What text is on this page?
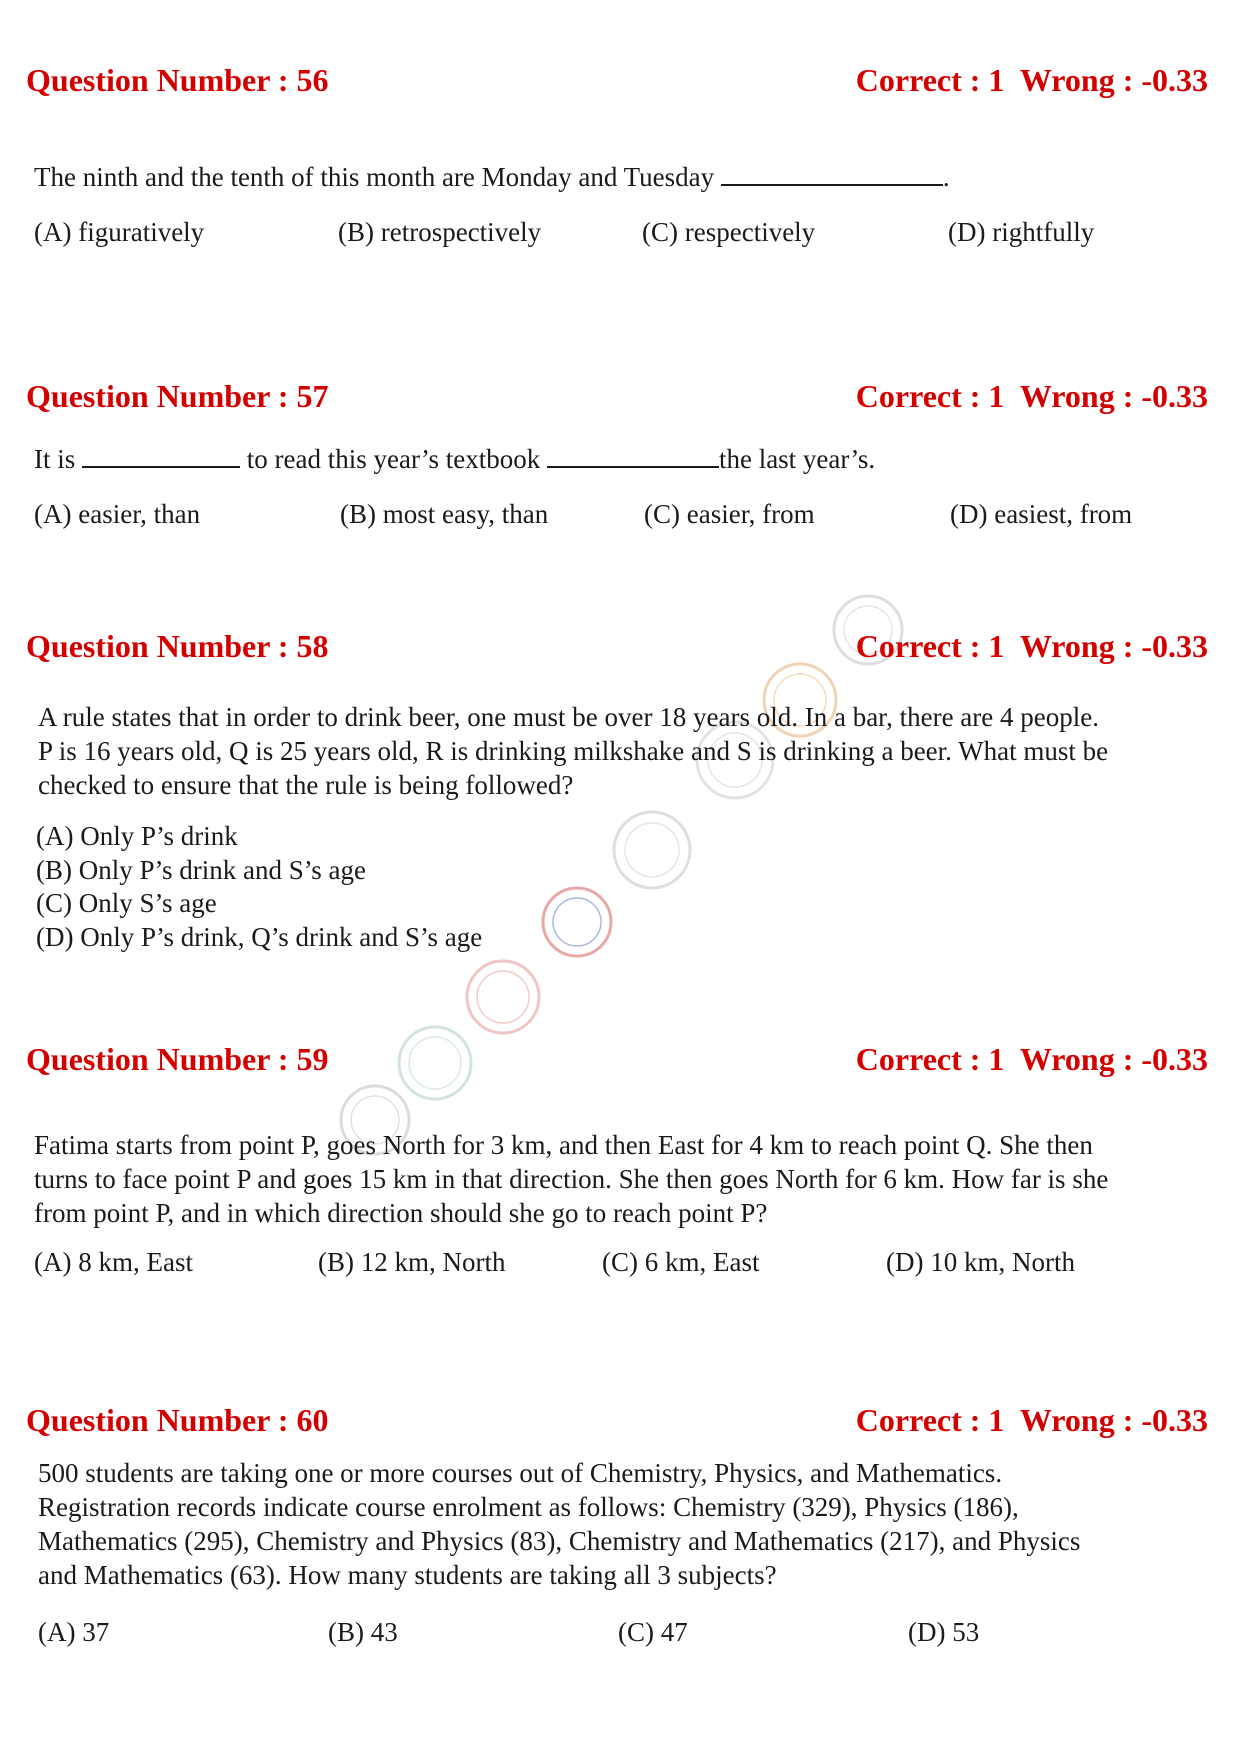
Question Number : 56	Correct : 1  Wrong : -0.33
The ninth and the tenth of this month are Monday and Tuesday	.
(A) figuratively	(B) retrospectively	(C) respectively	(D) rightfully
Question Number : 57	Correct : 1  Wrong : -0.33
It is	to read this year’s textbook	the last year’s.
(A) easier, than	(B) most easy, than	(C) easier, from	(D) easiest, from
Question Number : 58	Correct : 1  Wrong : -0.33
A rule states that in order to drink beer, one must be over 18 years old. In a bar, there are 4 people.
P is 16 years old, Q is 25 years old, R is drinking milkshake and S is drinking a beer. What must be
checked to ensure that the rule is being followed?
(A) Only P’s drink
(B) Only P’s drink and S’s age
(C) Only S’s age
(D) Only P’s drink, Q’s drink and S’s age
Question Number : 59	Correct : 1  Wrong : -0.33
Fatima starts from point P, goes North for 3 km, and then East for 4 km to reach point Q. She then
turns to face point P and goes 15 km in that direction. She then goes North for 6 km. How far is she
from point P, and in which direction should she go to reach point P?
(A) 8 km, East	(B) 12 km, North	(C) 6 km, East	(D) 10 km, North
Question Number : 60	Correct : 1  Wrong : -0.33
500 students are taking one or more courses out of Chemistry, Physics, and Mathematics.
Registration records indicate course enrolment as follows: Chemistry (329), Physics (186),
Mathematics (295), Chemistry and Physics (83), Chemistry and Mathematics (217), and Physics
and Mathematics (63). How many students are taking all 3 subjects?
(A) 37	(B) 43	(C) 47	(D) 53
